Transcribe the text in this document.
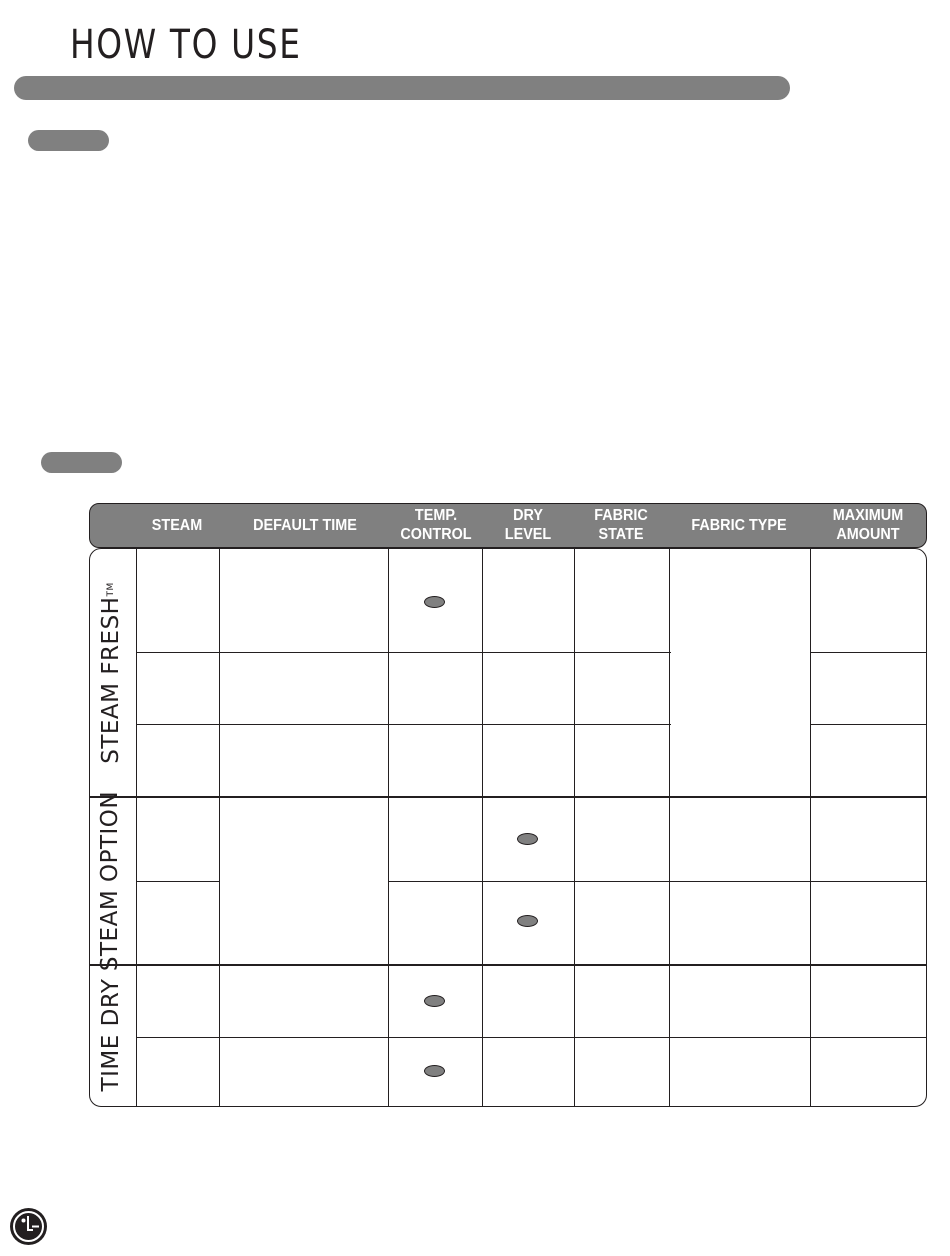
HOW TO USE
STEAM	DEFAULT TIME
TEMP.
CONTROL
DRY
LEVEL
FABRIC
STATE
FABRIC TYPE
MAXIMUM
AMOUNT
STEAM FRESH™
STEAM OPTION
TIME DRY
